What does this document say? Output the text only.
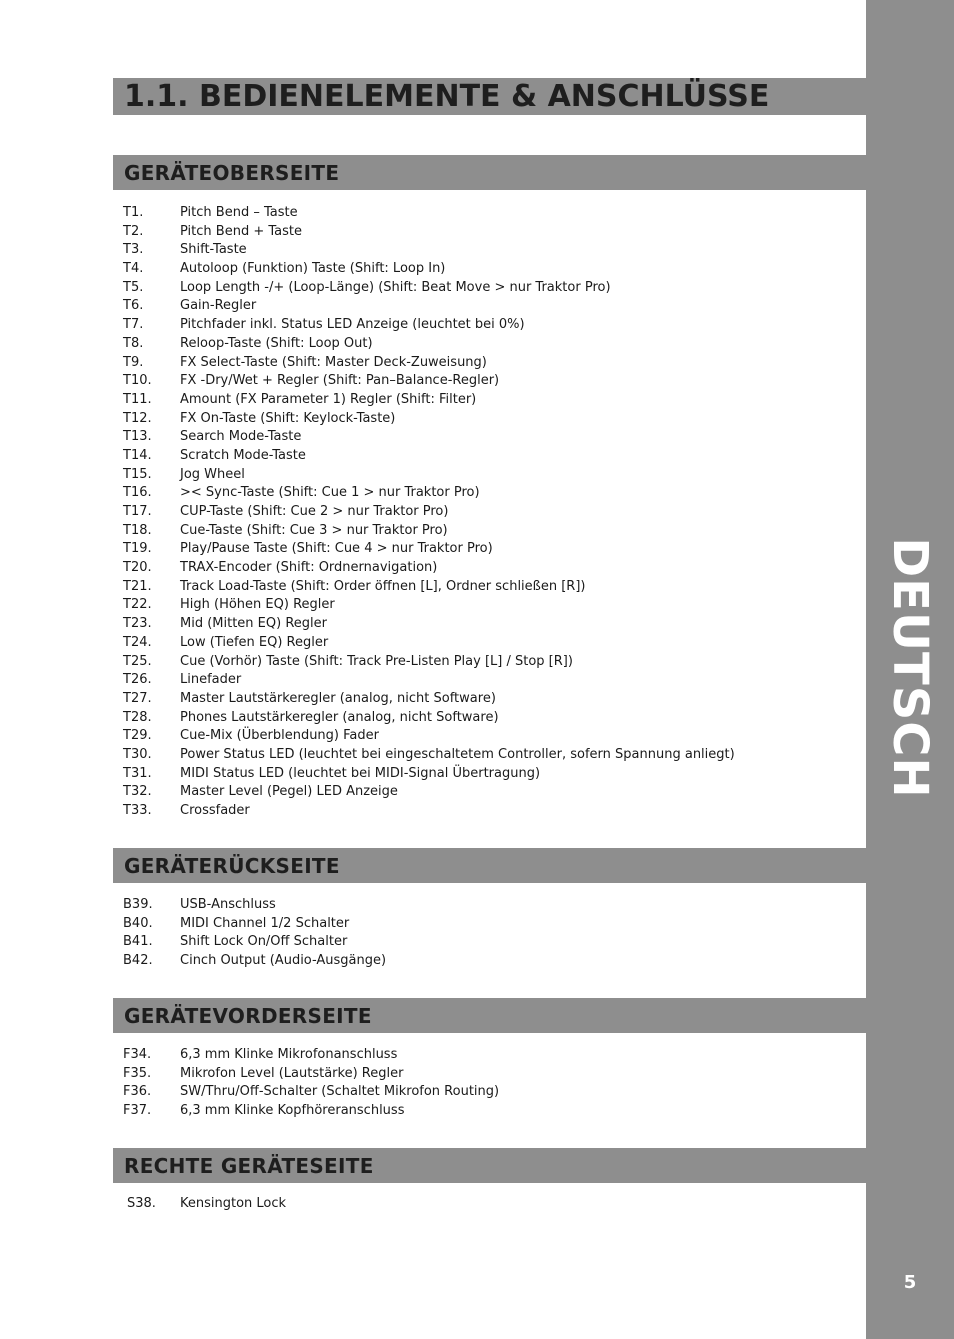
DEUTSCH
5
1.1. BEDIENELEMENTE & ANSCHLÜSSE
GERÄTEOBERSEITE
T1.	Pitch Bend – Taste
T2.	Pitch Bend + Taste
T3.	Shift-Taste
T4.	Autoloop (Funktion) Taste (Shift: Loop In)
T5.	Loop Length -/+ (Loop-Länge) (Shift: Beat Move > nur Traktor Pro)
T6.	Gain-Regler
T7.	Pitchfader inkl. Status LED Anzeige (leuchtet bei 0%)
T8.	Reloop-Taste (Shift: Loop Out)
T9.	FX Select-Taste (Shift: Master Deck-Zuweisung)
T10. FX -Dry/Wet + Regler (Shift: Pan–Balance-Regler)
T11. Amount (FX Parameter 1) Regler (Shift: Filter)
T12. FX On-Taste (Shift: Keylock-Taste)
T13. Search Mode-Taste
T14. Scratch Mode-Taste
T15. Jog Wheel
T16. >< Sync-Taste (Shift: Cue 1 > nur Traktor Pro)
T17. CUP-Taste (Shift: Cue 2 > nur Traktor Pro)
T18. Cue-Taste (Shift: Cue 3 > nur Traktor Pro)
T19. Play/Pause Taste (Shift: Cue 4 > nur Traktor Pro)
T20. TRAX-Encoder (Shift: Ordnernavigation)
T21. Track Load-Taste (Shift: Order öffnen [L], Ordner schließen [R])
T22. High (Höhen EQ) Regler
T23. Mid (Mitten EQ) Regler
T24. Low (Tiefen EQ) Regler
T25. Cue (Vorhör) Taste (Shift: Track Pre-Listen Play [L] / Stop [R])
T26. Linefader
T27. Master Lautstärkeregler (analog, nicht Software)
T28. Phones Lautstärkeregler (analog, nicht Software)
T29. Cue-Mix (Überblendung) Fader
T30. Power Status LED (leuchtet bei eingeschaltetem Controller, sofern Spannung anliegt)
T31. MIDI Status LED (leuchtet bei MIDI-Signal Übertragung)
T32. Master Level (Pegel) LED Anzeige
T33. Crossfader
GERÄTERÜCKSEITE
B39. USB-Anschluss
B40. MIDI Channel 1/2 Schalter
B41. Shift Lock On/Off Schalter
B42. Cinch Output (Audio-Ausgänge)
GERÄTEVORDERSEITE
F34. 6,3 mm Klinke Mikrofonanschluss
F35. Mikrofon Level (Lautstärke) Regler
F36. SW/Thru/Off-Schalter (Schaltet Mikrofon Routing)
F37. 6,3 mm Klinke Kopfhöreranschluss
RECHTE GERÄTESEITE
S38. Kensington Lock
